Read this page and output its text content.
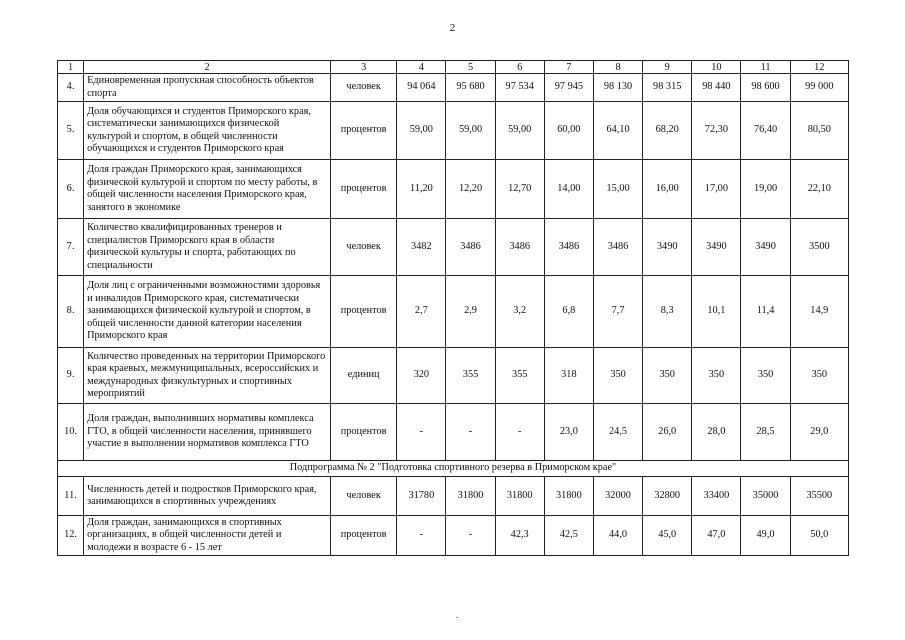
2
1	2	3	4	5	6	7	8	9	10	11	12
4.	Единовременная пропускная способность объектов спорта	человек	94 064	95 680	97 534	97 945	98 130	98 315	98 440	98 600	99 000
5.	Доля обучающихся и студентов Приморского края, систематически занимающихся физической культурой и спортом, в общей численности обучающихся и студентов Приморского края	процентов	59,00	59,00	59,00	60,00	64,10	68,20	72,30	76,40	80,50
6.	Доля граждан Приморского края, занимающихся физической культурой и спортом по месту работы, в общей численности населения Приморского края, занятого в экономике	процентов	11,20	12,20	12,70	14,00	15,00	16,00	17,00	19,00	22,10
7.	Количество квалифицированных тренеров и специалистов Приморского края в области физической культуры и спорта, работающих по специальности	человек	3482	3486	3486	3486	3486	3490	3490	3490	3500
8.	Доля лиц с ограниченными возможностями здоровья и инвалидов Приморского края, систематически занимающихся физической культурой и спортом, в общей численности данной категории населения Приморского края	процентов	2,7	2,9	3,2	6,8	7,7	8,3	10,1	11,4	14,9
9.	Количество проведенных на территории Приморского края краевых, межмуниципальных, всероссийских и международных физкультурных и спортивных мероприятий	единиц	320	355	355	318	350	350	350	350	350
10.	Доля граждан, выполнивших нормативы комплекса ГТО, в общей численности населения, принявшего участие в выполнении нормативов комплекса ГТО	процентов	-	-	-	23,0	24,5	26,0	28,0	28,5	29,0
Подпрограмма № 2 "Подготовка спортивного резерва в Приморском крае"											
11.	Численность детей и подростков Приморского края, занимающихся в спортивных учреждениях	человек	31780	31800	31800	31800	32000	32800	33400	35000	35500
12.	Доля граждан, занимающихся в спортивных организациях, в общей численности детей и молодежи в возрасте 6 - 15 лет	процентов	-	-	42,3	42,5	44,0	45,0	47,0	49,0	50,0
.
